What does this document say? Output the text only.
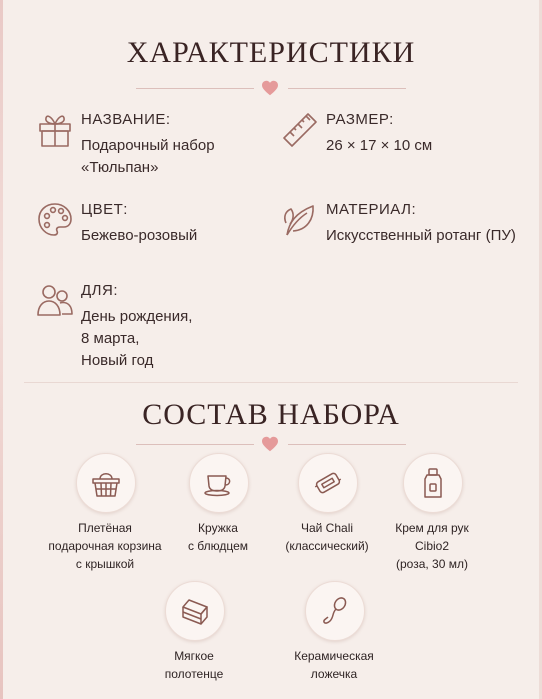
ХАРАКТЕРИСТИКИ
НАЗВАНИЕ:
Подарочный набор
«Тюльпан»
РАЗМЕР:
26 × 17 × 10 см
ЦВЕТ:
Бежево-розовый
МАТЕРИАЛ:
Искусственный ротанг (ПУ)
ДЛЯ:
День рождения,
8 марта,
Новый год
СОСТАВ НАБОРА
Плетёная
подарочная корзина
с крышкой
Кружка
с блюдцем
Чай Chali
(классический)
Крем для рук
Cibio2
(роза, 30 мл)
Мягкое
полотенце
Керамическая
ложечка
